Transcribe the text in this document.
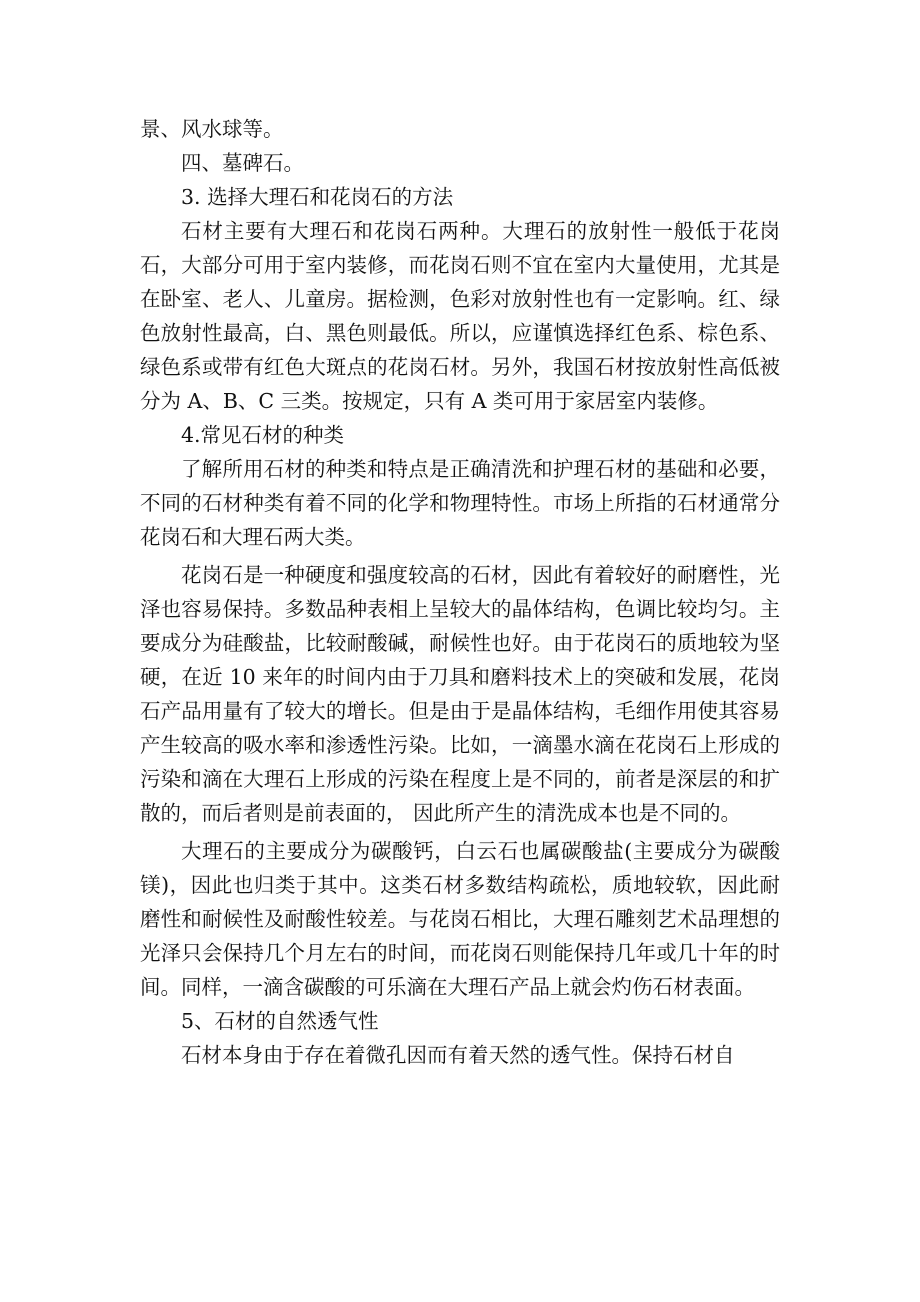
景、风水球等。

四、墓碑石。

3. 选择大理石和花岗石的方法

石材主要有大理石和花岗石两种。大理石的放射性一般低于花岗石，大部分可用于室内装修，而花岗石则不宜在室内大量使用，尤其是在卧室、老人、儿童房。据检测，色彩对放射性也有一定影响。红、绿色放射性最高，白、黑色则最低。所以，应谨慎选择红色系、棕色系、绿色系或带有红色大斑点的花岗石材。另外，我国石材按放射性高低被分为 A、B、C 三类。按规定，只有 A 类可用于家居室内装修。

4.常见石材的种类

了解所用石材的种类和特点是正确清洗和护理石材的基础和必要，不同的石材种类有着不同的化学和物理特性。市场上所指的石材通常分花岗石和大理石两大类。

花岗石是一种硬度和强度较高的石材，因此有着较好的耐磨性，光泽也容易保持。多数品种表相上呈较大的晶体结构，色调比较均匀。主要成分为硅酸盐，比较耐酸碱，耐候性也好。由于花岗石的质地较为坚硬，在近 10 来年的时间内由于刀具和磨料技术上的突破和发展，花岗石产品用量有了较大的增长。但是由于是晶体结构，毛细作用使其容易产生较高的吸水率和渗透性污染。比如，一滴墨水滴在花岗石上形成的污染和滴在大理石上形成的污染在程度上是不同的，前者是深层的和扩散的，而后者则是前表面的， 因此所产生的清洗成本也是不同的。

大理石的主要成分为碳酸钙，白云石也属碳酸盐(主要成分为碳酸镁)，因此也归类于其中。这类石材多数结构疏松，质地较软，因此耐磨性和耐候性及耐酸性较差。与花岗石相比，大理石雕刻艺术品理想的光泽只会保持几个月左右的时间，而花岗石则能保持几年或几十年的时间。同样，一滴含碳酸的可乐滴在大理石产品上就会灼伤石材表面。

5、石材的自然透气性

石材本身由于存在着微孔因而有着天然的透气性。保持石材自
